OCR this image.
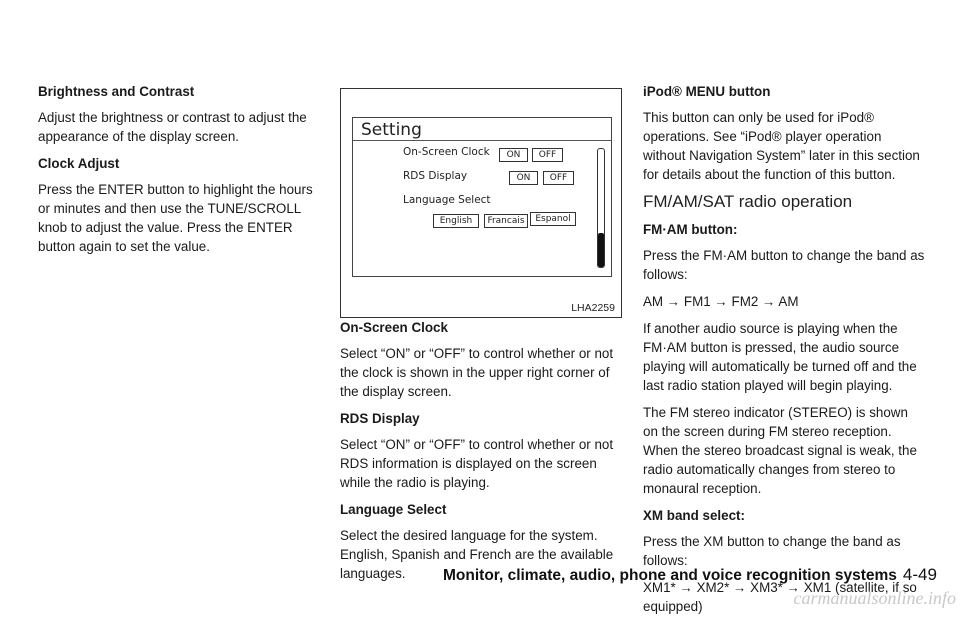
Brightness and Contrast

Adjust the brightness or contrast to adjust the appearance of the display screen.

Clock Adjust

Press the ENTER button to highlight the hours or minutes and then use the TUNE/SCROLL knob to adjust the value. Press the ENTER button again to set the value.

Setting
On-Screen Clock	ON	OFF
RDS Display	ON	OFF
Language Select
English	Francais	Espanol
LHA2259
On-Screen Clock

Select “ON” or “OFF” to control whether or not the clock is shown in the upper right corner of the display screen.

RDS Display

Select “ON” or “OFF” to control whether or not RDS information is displayed on the screen while the radio is playing.

Language Select

Select the desired language for the system. English, Spanish and French are the available languages.

iPod® MENU button

This button can only be used for iPod® operations. See “iPod® player operation without Navigation System” later in this section for details about the function of this button.

FM/AM/SAT radio operation
FM·AM button:

Press the FM·AM button to change the band as follows:

AM → FM1 → FM2 → AM

If another audio source is playing when the FM·AM button is pressed, the audio source playing will automatically be turned off and the last radio station played will begin playing.

The FM stereo indicator (STEREO) is shown on the screen during FM stereo reception. When the stereo broadcast signal is weak, the radio automatically changes from stereo to monaural reception.

XM band select:

Press the XM button to change the band as follows:

XM1* → XM2* → XM3* → XM1 (satellite, if so equipped)

Monitor, climate, audio, phone and voice recognition systems 4-49
carmanualsonline.info
